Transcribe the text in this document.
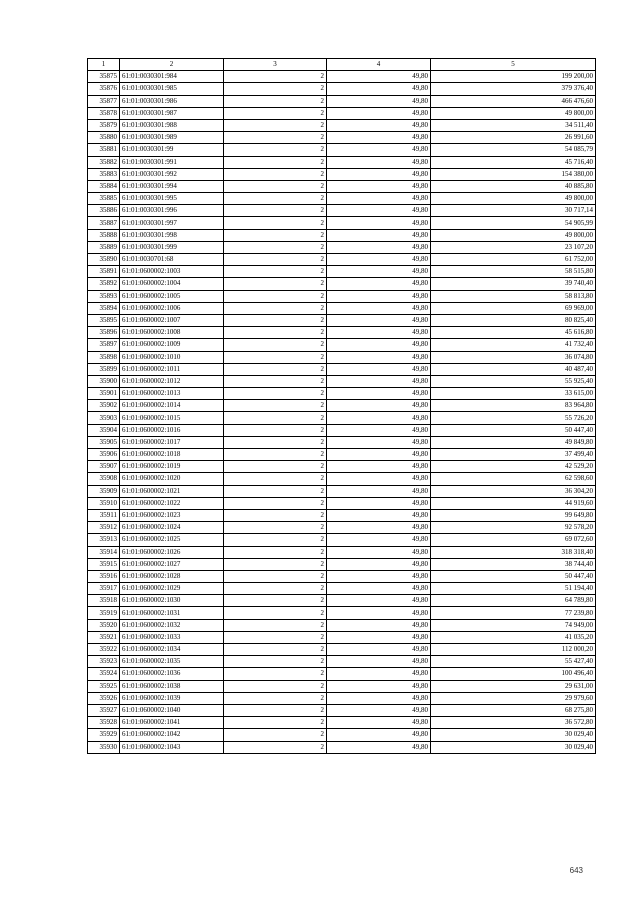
1	2	3	4	5
35875	61:01:0030301:984	2	49,80	199 200,00
35876	61:01:0030301:985	2	49,80	379 376,40
35877	61:01:0030301:986	2	49,80	466 476,60
35878	61:01:0030301:987	2	49,80	49 800,00
35879	61:01:0030301:988	2	49,80	34 511,40
35880	61:01:0030301:989	2	49,80	26 991,60
35881	61:01:0030301:99	2	49,80	54 085,79
35882	61:01:0030301:991	2	49,80	45 716,40
35883	61:01:0030301:992	2	49,80	154 380,00
35884	61:01:0030301:994	2	49,80	40 885,80
35885	61:01:0030301:995	2	49,80	49 800,00
35886	61:01:0030301:996	2	49,80	30 717,14
35887	61:01:0030301:997	2	49,80	54 905,99
35888	61:01:0030301:998	2	49,80	49 800,00
35889	61:01:0030301:999	2	49,80	23 107,20
35890	61:01:0030701:68	2	49,80	61 752,00
35891	61:01:0600002:1003	2	49,80	58 515,80
35892	61:01:0600002:1004	2	49,80	39 740,40
35893	61:01:0600002:1005	2	49,80	58 813,80
35894	61:01:0600002:1006	2	49,80	69 969,00
35895	61:01:0600002:1007	2	49,80	80 825,40
35896	61:01:0600002:1008	2	49,80	45 616,80
35897	61:01:0600002:1009	2	49,80	41 732,40
35898	61:01:0600002:1010	2	49,80	36 074,80
35899	61:01:0600002:1011	2	49,80	40 487,40
35900	61:01:0600002:1012	2	49,80	55 925,40
35901	61:01:0600002:1013	2	49,80	33 615,00
35902	61:01:0600002:1014	2	49,80	83 964,80
35903	61:01:0600002:1015	2	49,80	55 726,20
35904	61:01:0600002:1016	2	49,80	50 447,40
35905	61:01:0600002:1017	2	49,80	49 849,80
35906	61:01:0600002:1018	2	49,80	37 499,40
35907	61:01:0600002:1019	2	49,80	42 529,20
35908	61:01:0600002:1020	2	49,80	62 598,60
35909	61:01:0600002:1021	2	49,80	36 304,20
35910	61:01:0600002:1022	2	49,80	44 919,60
35911	61:01:0600002:1023	2	49,80	99 649,80
35912	61:01:0600002:1024	2	49,80	92 578,20
35913	61:01:0600002:1025	2	49,80	69 072,60
35914	61:01:0600002:1026	2	49,80	318 318,40
35915	61:01:0600002:1027	2	49,80	38 744,40
35916	61:01:0600002:1028	2	49,80	50 447,40
35917	61:01:0600002:1029	2	49,80	51 194,40
35918	61:01:0600002:1030	2	49,80	64 789,80
35919	61:01:0600002:1031	2	49,80	77 239,80
35920	61:01:0600002:1032	2	49,80	74 949,00
35921	61:01:0600002:1033	2	49,80	41 035,20
35922	61:01:0600002:1034	2	49,80	112 000,20
35923	61:01:0600002:1035	2	49,80	55 427,40
35924	61:01:0600002:1036	2	49,80	100 496,40
35925	61:01:0600002:1038	2	49,80	29 631,00
35926	61:01:0600002:1039	2	49,80	29 979,60
35927	61:01:0600002:1040	2	49,80	68 275,80
35928	61:01:0600002:1041	2	49,80	36 572,80
35929	61:01:0600002:1042	2	49,80	30 029,40
35930	61:01:0600002:1043	2	49,80	30 029,40
643
